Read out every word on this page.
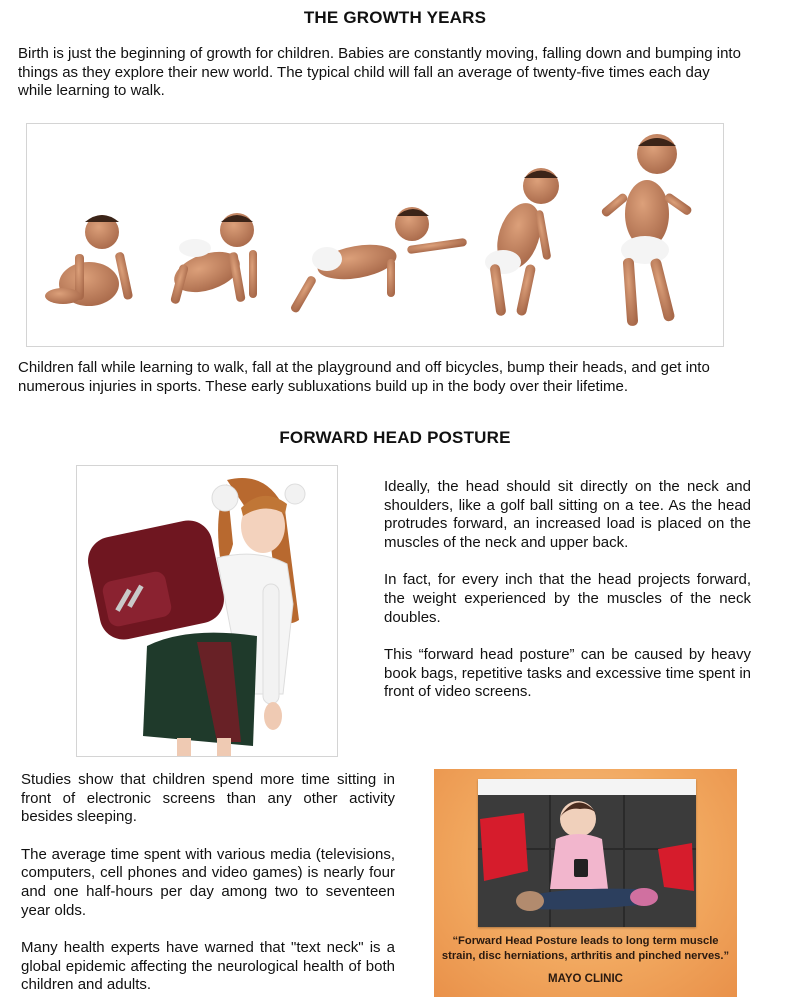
THE GROWTH YEARS

Birth is just the beginning of growth for children. Babies are constantly moving, falling down and bumping into things as they explore their new world. The typical child will fall an average of twenty-five times each day while learning to walk.

Children fall while learning to walk, fall at the playground and off bicycles, bump their heads, and get into numerous injuries in sports. These early subluxations build up in the body over their lifetime.

FORWARD HEAD POSTURE

Ideally, the head should sit directly on the neck and shoulders, like a golf ball sitting on a tee. As the head protrudes forward, an increased load is placed on the muscles of the neck and upper back.

In fact, for every inch that the head projects forward, the weight experienced by the muscles of the neck doubles.

This “forward head posture” can be caused by heavy book bags, repetitive tasks and excessive time spent in front of video screens.

Studies show that children spend more time sitting in front of electronic screens than any other activity besides sleeping.

The average time spent with various media (televisions, computers, cell phones and video games) is nearly four and one half-hours per day among two to seventeen year olds.

Many health experts have warned that "text neck" is a global epidemic affecting the neurological health of both children and adults.

“Forward Head Posture leads to long term muscle strain, disc herniations, arthritis and pinched nerves.”
MAYO CLINIC
